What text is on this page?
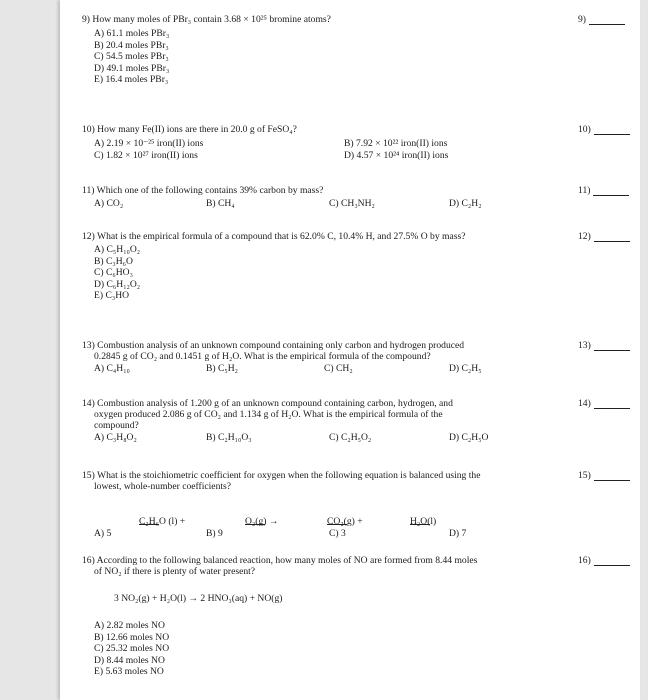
9) How many moles of PBr₃ contain 3.68 × 10²⁵ bromine atoms?

A) 61.1 moles PBr₃
B) 20.4 moles PBr₃
C) 54.5 moles PBr₃
D) 49.1 moles PBr₃
E) 16.4 moles PBr₃
9)

10) How many Fe(II) ions are there in 20.0 g of FeSO₄?

A) 2.19 × 10⁻²⁵ iron(II) ions	B) 7.92 × 10²² iron(II) ions
C) 1.82 × 10²⁷ iron(II) ions	D) 4.57 × 10²⁴ iron(II) ions
10)

11) Which one of the following contains 39% carbon by mass?

A) CO₂	B) CH₄	C) CH₃NH₂	D) C₂H₂
11)

12) What is the empirical formula of a compound that is 62.0% C, 10.4% H, and 27.5% O by mass?

A) C₅H₁₀O₂
B) C₃H₆O
C) C₆HO₃
D) C₆H₁₂O₂
E) C₃HO
12)

13) Combustion analysis of an unknown compound containing only carbon and hydrogen produced

0.2845 g of CO₂ and 0.1451 g of H₂O. What is the empirical formula of the compound?

A) C₄H₁₀	B) C₅H₂	C) CH₂	D) C₂H₅
13)

14) Combustion analysis of 1.200 g of an unknown compound containing carbon, hydrogen, and

oxygen produced 2.086 g of CO₂ and 1.134 g of H₂O. What is the empirical formula of the

compound?

A) C₃H₈O₂	B) C₂H₁₀O₃	C) C₂H₅O₂	D) C₂H₅O
14)

15) What is the stoichiometric coefficient for oxygen when the following equation is balanced using the

lowest, whole-number coefficients?

C₂H₆O (l) +	O₂(g) →	CO₂(g) +	H₂O(l)
A) 5	B) 9	C) 3	D) 7
15)

16) According to the following balanced reaction, how many moles of NO are formed from 8.44 moles

of NO₂ if there is plenty of water present?

3 NO₂(g) + H₂O(l) → 2 HNO₃(aq) + NO(g)

A) 2.82 moles NO
B) 12.66 moles NO
C) 25.32 moles NO
D) 8.44 moles NO
E) 5.63 moles NO
16)
